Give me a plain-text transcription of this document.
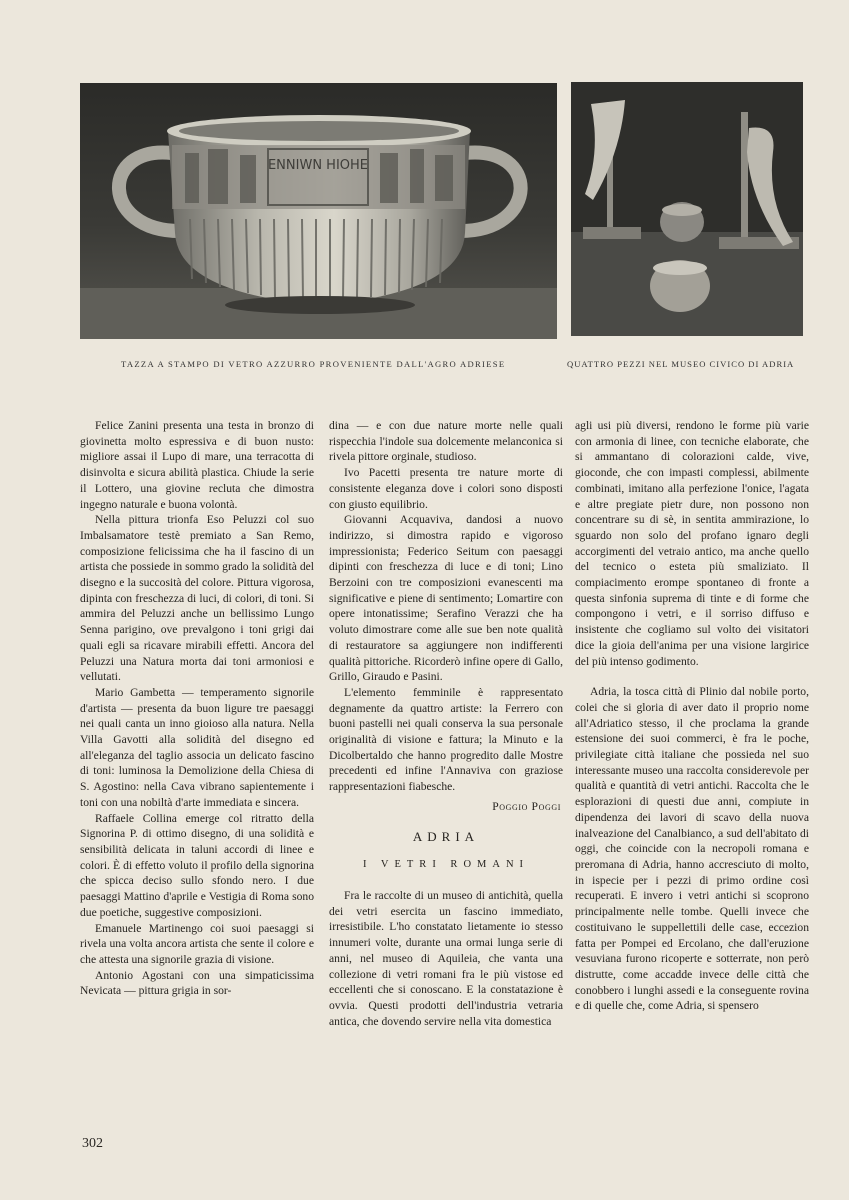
ENNIWN HIOHE
TAZZA A STAMPO DI VETRO AZZURRO PROVENIENTE DALL'AGRO ADRIESE	QUATTRO PEZZI NEL MUSEO CIVICO DI ADRIA

Felice Zanini presenta una testa in bronzo di giovinetta molto espressiva e di buon nusto: migliore assai il Lupo di mare, una terracotta di disinvolta e sicura abilità plastica. Chiude la serie il Lottero, una giovine recluta che dimostra ingegno naturale e buona volontà.

Nella pittura trionfa Eso Peluzzi col suo Imbalsamatore testè premiato a San Remo, composizione felicissima che ha il fascino di un artista che possiede in sommo grado la solidità del disegno e la succosità del colore. Pittura vigorosa, dipinta con freschezza di luci, di colori, di toni. Si ammira del Peluzzi anche un bellissimo Lungo Senna parigino, ove prevalgono i toni grigi dai quali egli sa ricavare mirabili effetti. Ancora del Peluzzi una Natura morta dai toni armoniosi e vellutati.

Mario Gambetta — temperamento signorile d'artista — presenta da buon ligure tre paesaggi nei quali canta un inno gioioso alla natura. Nella Villa Gavotti alla solidità del disegno ed all'eleganza del taglio associa un delicato fascino di toni: luminosa la Demolizione della Chiesa di S. Agostino: nella Cava vibrano sapientemente i toni con una nobiltà d'arte immediata e sincera.

Raffaele Collina emerge col ritratto della Signorina P. di ottimo disegno, di una solidità e sensibilità delicata in taluni accordi di linee e colori. È di effetto voluto il profilo della signorina che spicca deciso sullo sfondo nero. I due paesaggi Mattino d'aprile e Vestigia di Roma sono due poetiche, suggestive composizioni.

Emanuele Martinengo coi suoi paesaggi si rivela una volta ancora artista che sente il colore e che attesta una signorile grazia di visione.

Antonio Agostani con una simpaticissima Nevicata — pittura grigia in sor-

dina — e con due nature morte nelle quali rispecchia l'indole sua dolcemente melanconica si rivela pittore orginale, studioso.

Ivo Pacetti presenta tre nature morte di consistente eleganza dove i colori sono disposti con giusto equilibrio.

Giovanni Acquaviva, dandosi a nuovo indirizzo, si dimostra rapido e vigoroso impressionista; Federico Seitum con paesaggi dipinti con freschezza di luce e di toni; Lino Berzoini con tre composizioni evanescenti ma significative e piene di sentimento; Lomartire con opere intonatissime; Serafino Verazzi che ha voluto dimostrare come alle sue ben note qualità di restauratore sa aggiungere non indifferenti qualità pittoriche. Ricorderò infine opere di Gallo, Grillo, Giraudo e Pasini.

L'elemento femminile è rappresentato degnamente da quattro artiste: la Ferrero con buoni pastelli nei quali conserva la sua personale originalità di visione e fattura; la Minuto e la Dicolbertaldo che hanno progredito dalle Mostre precedenti ed infine l'Annaviva con graziose rappresentazioni fiabesche.

Poggio Poggi
ADRIA
I VETRI ROMANI

Fra le raccolte di un museo di antichità, quella dei vetri esercita un fascino immediato, irresistibile. L'ho constatato lietamente io stesso innumeri volte, durante una ormai lunga serie di anni, nel museo di Aquileia, che vanta una collezione di vetri romani fra le più vistose ed eccellenti che si conoscano. E la constatazione è ovvia. Questi prodotti dell'industria vetraria antica, che dovendo servire nella vita domestica

agli usi più diversi, rendono le forme più varie con armonia di linee, con tecniche elaborate, che si ammantano di colorazioni calde, vive, gioconde, che con impasti complessi, abilmente combinati, imitano alla perfezione l'onice, l'agata e altre pregiate pietr dure, non possono non concentrare su di sè, in sentita ammirazione, lo sguardo non solo del profano ignaro degli accorgimenti del vetraio antico, ma anche quello del tecnico o esteta più smaliziato. Il compiacimento erompe spontaneo di fronte a questa sinfonia suprema di tinte e di forme che compongono i vetri, e il sorriso diffuso e insistente che cogliamo sul volto dei visitatori dice la gioia dell'anima per una visione largirice del più intenso godimento.

Adria, la tosca città di Plinio dal nobile porto, colei che si gloria di aver dato il proprio nome all'Adriatico stesso, il che proclama la grande estensione dei suoi commerci, è fra le poche, privilegiate città italiane che possieda nel suo interessante museo una raccolta considerevole per qualità e quantità di vetri antichi. Raccolta che le esplorazioni di questi due anni, compiute in dipendenza dei lavori di scavo della nuova inalveazione del Canalbianco, a sud dell'abitato di oggi, che coincide con la necropoli romana e preromana di Adria, hanno accresciuto di molto, in ispecie per i pezzi di primo ordine così recuperati. E invero i vetri antichi si scoprono principalmente nelle tombe. Quelli invece che costituivano le suppellettili delle case, eccezion fatta per Pompei ed Ercolano, che dall'eruzione vesuviana furono ricoperte e sotterrate, non però distrutte, come accadde invece delle città che conobbero i lunghi assedi e la conseguente rovina e di quelle che, come Adria, si spensero

302
